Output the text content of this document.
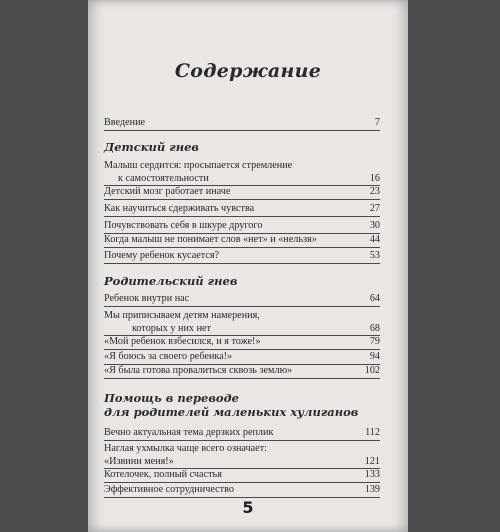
Содержание
Введение	7
Детский гнев
Малыш сердится: просыпается стремление
к самостоятельности	16
Детский мозг работает иначе	23
Как научиться сдерживать чувства	27
Почувствовать себя в шкуре другого	30
Когда малыш не понимает слов «нет» и «нельзя»	44
Почему ребенок кусается?	53
Родительский гнев
Ребенок внутри нас	64
Мы приписываем детям намерения,
которых у них нет	68
«Мой ребенок взбесился, и я тоже!»	79
«Я боюсь за своего ребенка!»	94
«Я была готова провалиться сквозь землю»	102
Помощь в переводе
для родителей маленьких хулиганов
Вечно актуальная тема дерзких реплик	112
Наглая ухмылка чаще всего означает:
«Извини меня!»	121
Котелочек, полный счастья	133
Эффективное сотрудничество	139
5
